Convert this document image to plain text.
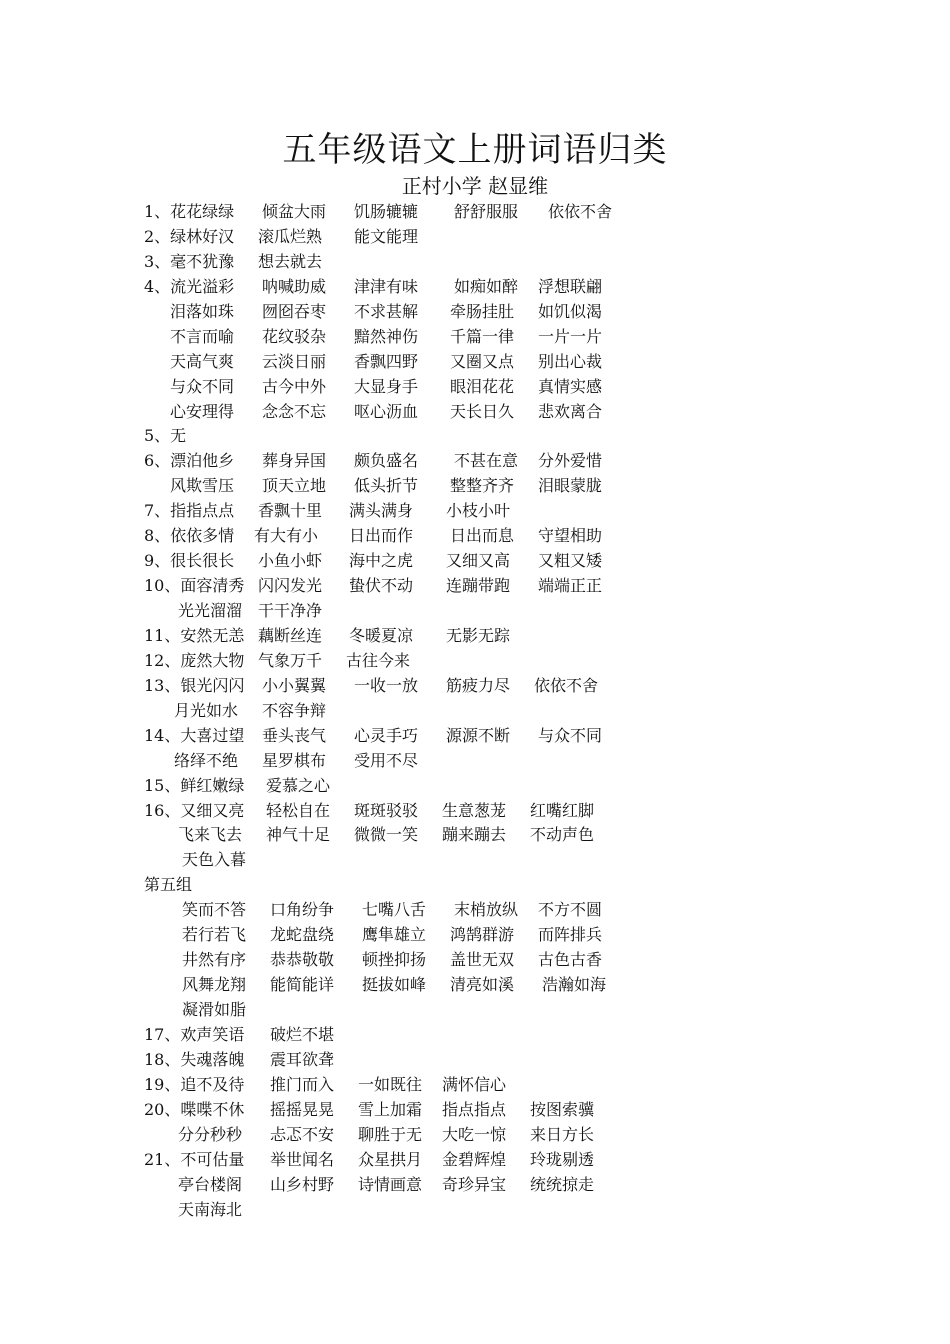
五年级语文上册词语归类
正村小学 赵显维
1、花花绿绿 倾盆大雨 饥肠辘辘 舒舒服服 依依不舍
2、绿林好汉 滚瓜烂熟 能文能理
3、毫不犹豫 想去就去
4、流光溢彩 呐喊助威 津津有味 如痴如醉 浮想联翩
泪落如珠 囫囵吞枣 不求甚解 牵肠挂肚 如饥似渴
不言而喻 花纹驳杂 黯然神伤 千篇一律 一片一片
天高气爽 云淡日丽 香飘四野 又圈又点 别出心裁
与众不同 古今中外 大显身手 眼泪花花 真情实感
心安理得 念念不忘 呕心沥血 天长日久 悲欢离合
5、无
6、漂泊他乡 葬身异国 颇负盛名 不甚在意 分外爱惜
风欺雪压 顶天立地 低头折节 整整齐齐 泪眼蒙胧
7、指指点点 香飘十里 满头满身 小枝小叶
8、依依多情 有大有小 日出而作 日出而息 守望相助
9、很长很长 小鱼小虾 海中之虎 又细又高 又粗又矮
10、面容清秀 闪闪发光 蛰伏不动 连蹦带跑 端端正正
光光溜溜 干干净净
11、安然无恙 藕断丝连 冬暖夏凉 无影无踪
12、庞然大物 气象万千 古往今来
13、银光闪闪 小小翼翼 一收一放 筋疲力尽 依依不舍
月光如水 不容争辩
14、大喜过望 垂头丧气 心灵手巧 源源不断 与众不同
络绎不绝 星罗棋布 受用不尽
15、鲜红嫩绿 爱慕之心
16、又细又亮 轻松自在 斑斑驳驳 生意葱茏 红嘴红脚
飞来飞去 神气十足 微微一笑 蹦来蹦去 不动声色
天色入暮
第五组
笑而不答 口角纷争 七嘴八舌 末梢放纵 不方不圆
若行若飞 龙蛇盘绕 鹰隼雄立 鸿鹄群游 而阵排兵
井然有序 恭恭敬敬 顿挫抑扬 盖世无双 古色古香
风舞龙翔 能简能详 挺拔如峰 清亮如溪 浩瀚如海
凝滑如脂
17、欢声笑语 破烂不堪
18、失魂落魄 震耳欲聋
19、追不及待 推门而入 一如既往 满怀信心
20、喋喋不休 摇摇晃晃 雪上加霜 指点指点 按图索骥
分分秒秒 忐忑不安 聊胜于无 大吃一惊 来日方长
21、不可估量 举世闻名 众星拱月 金碧辉煌 玲珑剔透
亭台楼阁 山乡村野 诗情画意 奇珍异宝 统统掠走
天南海北
